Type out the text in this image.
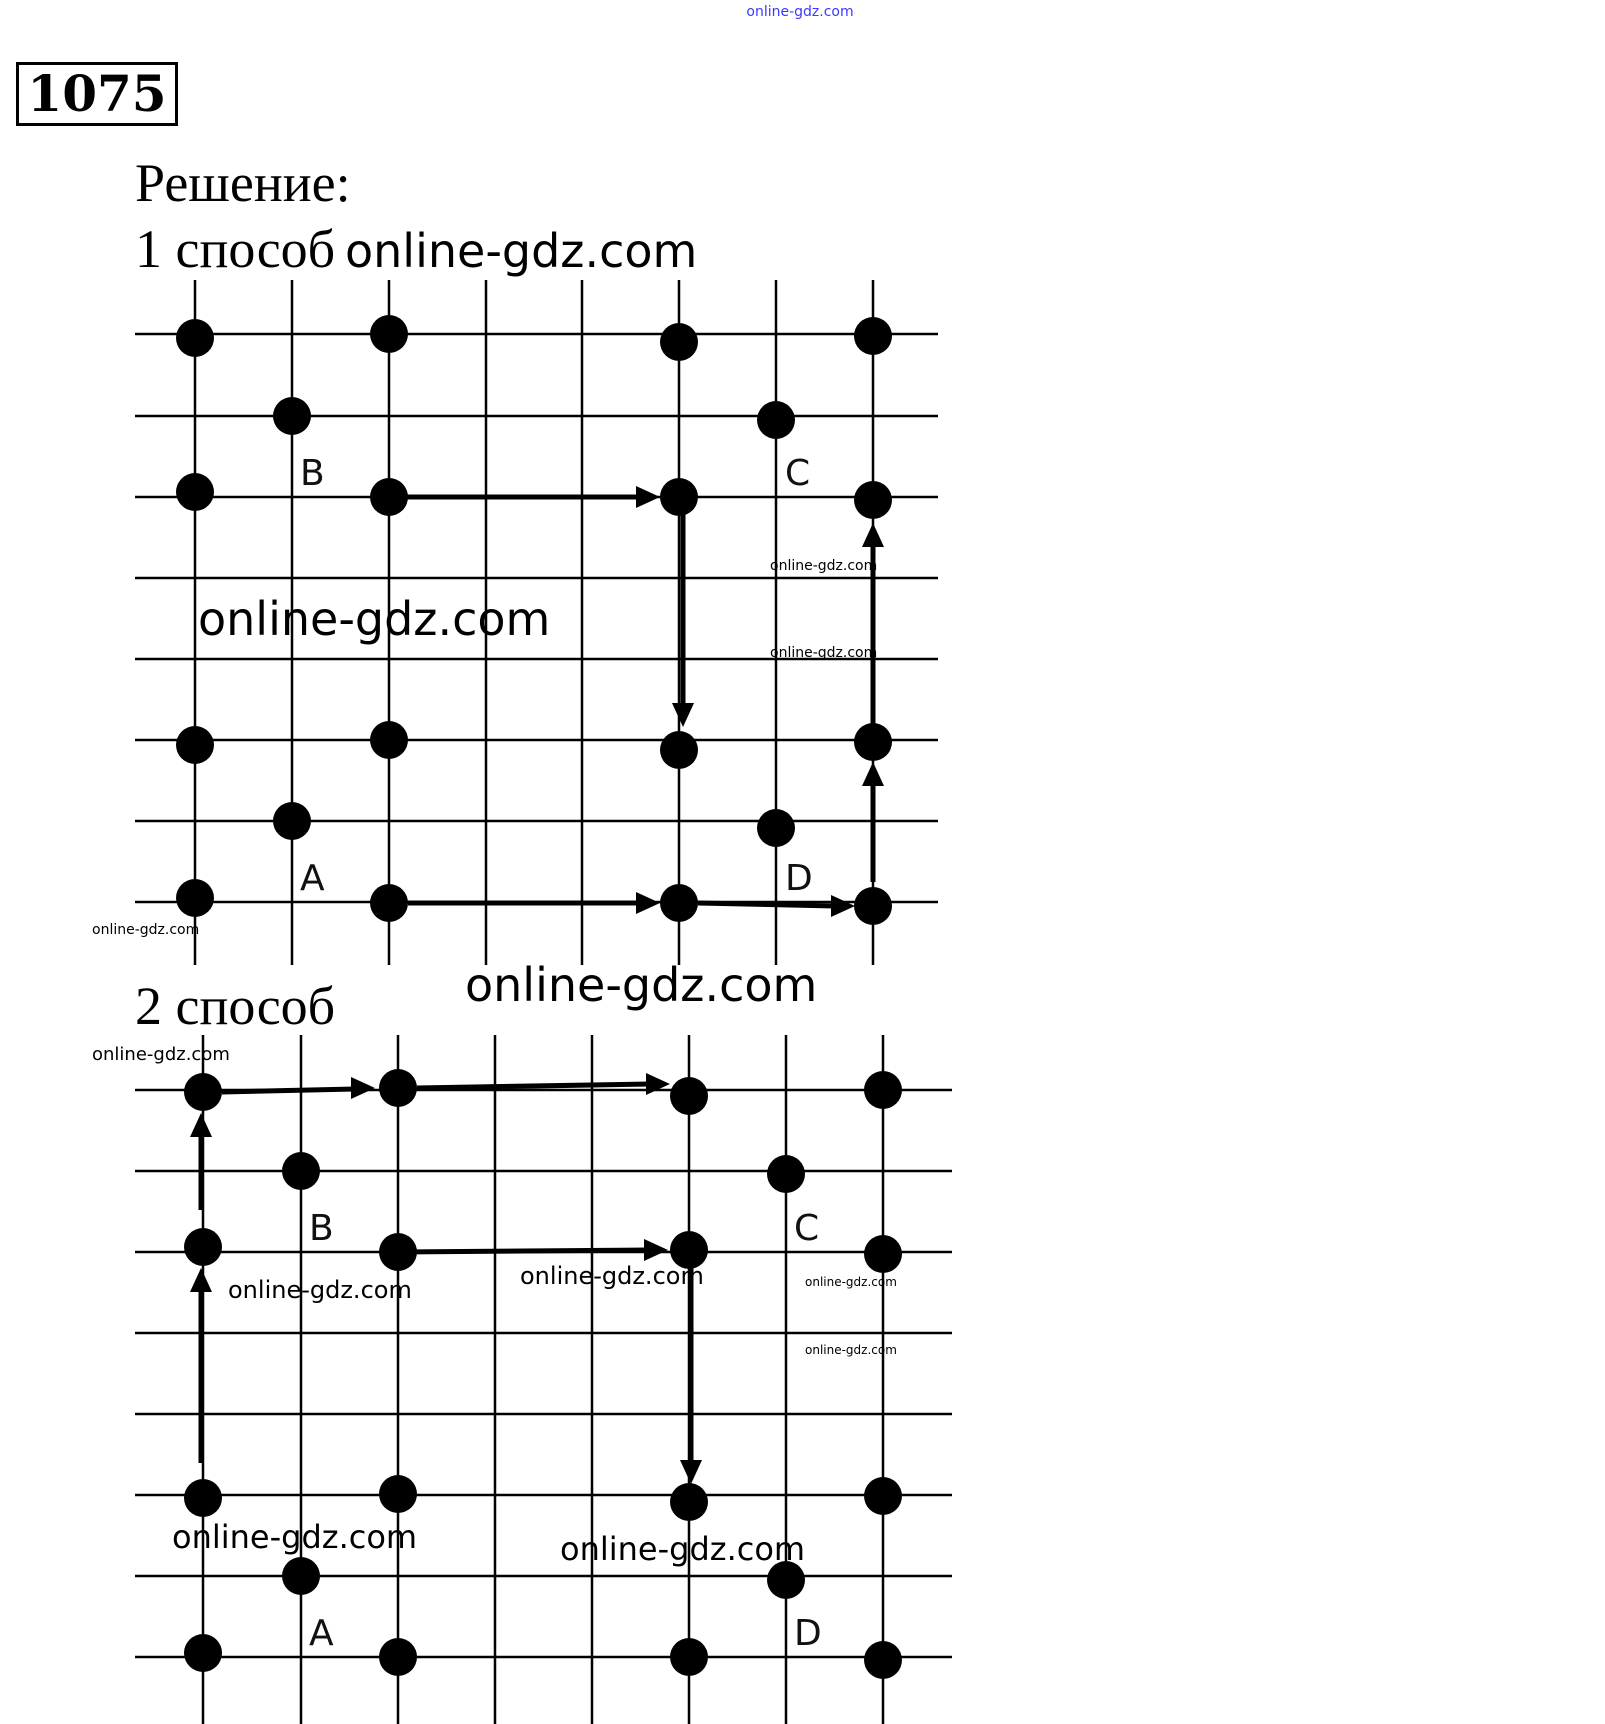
online-gdz.com
1075
Решение:
1 способ online-gdz.com
B	C
A	D
online-gdz.com
online-gdz.com
online-gdz.com
online-gdz.com
online-gdz.com
2 способ
online-gdz.com
B	C
A	D
online-gdz.com	online-gdz.com	online-gdz.com
online-gdz.com
online-gdz.com	online-gdz.com
